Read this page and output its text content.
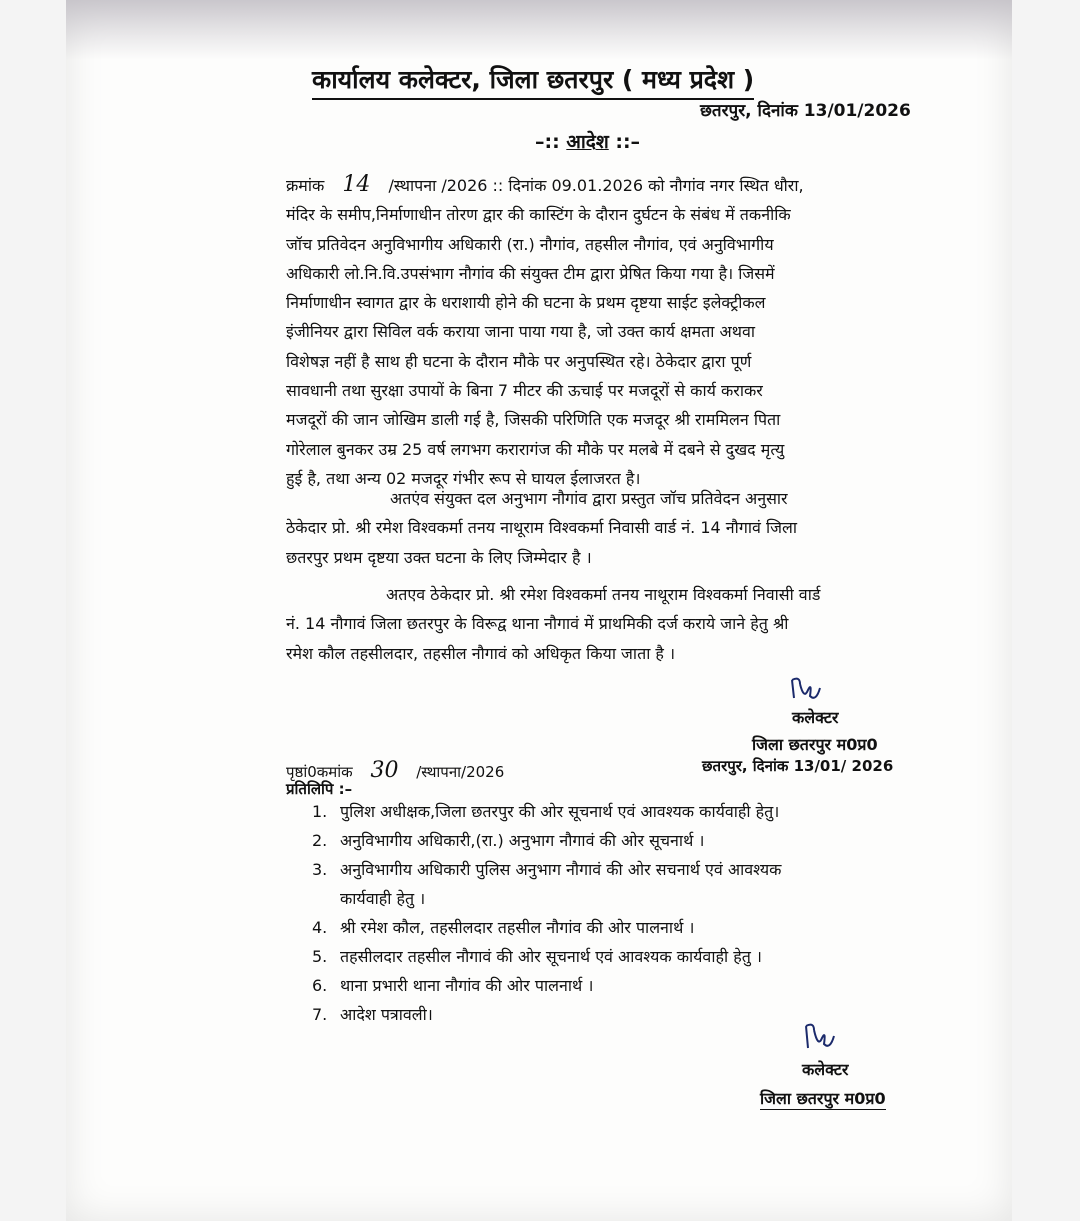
कार्यालय कलेक्टर, जिला छतरपुर ( मध्य प्रदेश )
छतरपुर, दिनांक 13/01/2026
–:: आदेश ::–
क्रमांक 14 /स्थापना /2026 :: दिनांक 09.01.2026 को नौगांव नगर स्थित धौरा,
मंदिर के समीप,निर्माणाधीन तोरण द्वार की कास्टिंग के दौरान दुर्घटन के संबंध में तकनीकि
जॉच प्रतिवेदन अनुविभागीय अधिकारी (रा.) नौगांव, तहसील नौगांव, एवं अनुविभागीय
अधिकारी लो.नि.वि.उपसंभाग नौगांव की संयुक्त टीम द्वारा प्रेषित किया गया है। जिसमें
निर्माणाधीन स्वागत द्वार के धराशायी होने की घटना के प्रथम दृष्टया साईट इलेक्ट्रीकल
इंजीनियर द्वारा सिविल वर्क कराया जाना पाया गया है, जो उक्त कार्य क्षमता अथवा
विशेषज्ञ नहीं है साथ ही घटना के दौरान मौके पर अनुपस्थित रहे। ठेकेदार द्वारा पूर्ण
सावधानी तथा सुरक्षा उपायों के बिना 7 मीटर की ऊचाई पर मजदूरों से कार्य कराकर
मजदूरों की जान जोखिम डाली गई है, जिसकी परिणिति एक मजदूर श्री राममिलन पिता
गोरेलाल बुनकर उम्र 25 वर्ष लगभग करारागंज की मौके पर मलबे में दबने से दुखद मृत्यु
हुई है, तथा अन्य 02 मजदूर गंभीर रूप से घायल ईलाजरत है।
अतएंव संयुक्त दल अनुभाग नौगांव द्वारा प्रस्तुत जॉच प्रतिवेदन अनुसार
ठेकेदार प्रो. श्री रमेश विश्वकर्मा तनय नाथूराम विश्वकर्मा निवासी वार्ड नं. 14 नौगावं जिला
छतरपुर प्रथम दृष्टया उक्त घटना के लिए जिम्मेदार है ।
अतएव ठेकेदार प्रो. श्री रमेश विश्वकर्मा तनय नाथूराम विश्वकर्मा निवासी वार्ड
नं. 14 नौगावं जिला छतरपुर के विरूद्व थाना नौगावं में प्राथमिकी दर्ज कराये जाने हेतु श्री
रमेश कौल तहसीलदार, तहसील नौगावं को अधिकृत किया जाता है ।
कलेक्टर
जिला छतरपुर म0प्र0
पृष्ठां0कमांक 30 /स्थापना/2026	छतरपुर, दिनांक 13/01/ 2026
प्रतिलिपि :–
1. पुलिश अधीक्षक,जिला छतरपुर की ओर सूचनार्थ एवं आवश्यक कार्यवाही हेतु।
2. अनुविभागीय अधिकारी,(रा.) अनुभाग नौगावं की ओर सूचनार्थ ।
3. अनुविभागीय अधिकारी पुलिस अनुभाग नौगावं की ओर सचनार्थ एवं आवश्यक
कार्यवाही हेतु ।
4. श्री रमेश कौल, तहसीलदार तहसील नौगांव की ओर पालनार्थ ।
5. तहसीलदार तहसील नौगावं की ओर सूचनार्थ एवं आवश्यक कार्यवाही हेतु ।
6. थाना प्रभारी थाना नौगांव की ओर पालनार्थ ।
7. आदेश पत्रावली।
कलेक्टर
जिला छतरपुर म0प्र0
